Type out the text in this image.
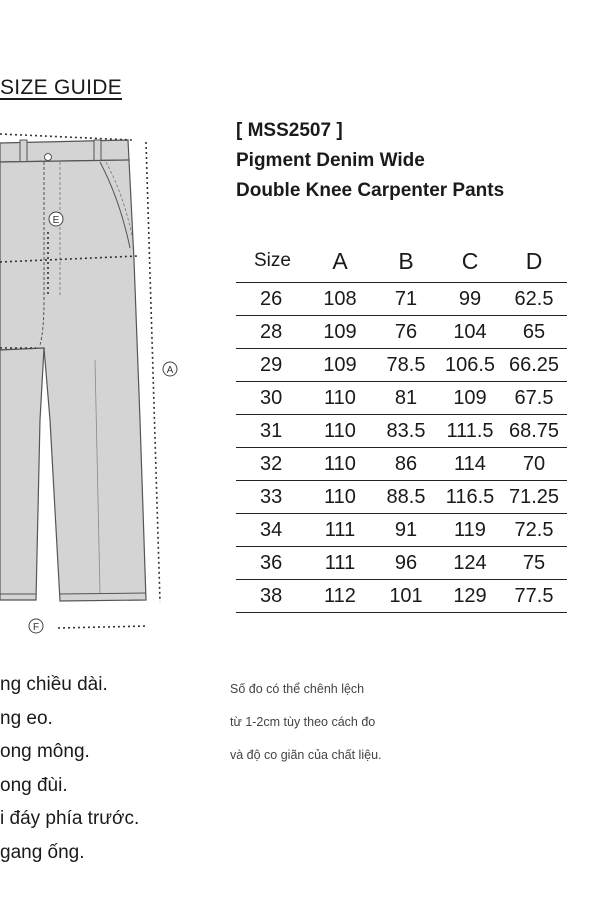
SIZE GUIDE
E
A
F
[ MSS2507 ]
Pigment Denim Wide
Double Knee Carpenter Pants
Size	A	B	C	D
26	108	71	99	62.5
28	109	76	104	65
29	109	78.5	106.5	66.25
30	110	81	109	67.5
31	110	83.5	111.5	68.75
32	110	86	114	70
33	110	88.5	116.5	71.25
34	111	91	119	72.5
36	111	96	124	75
38	112	101	129	77.5
ng chiều dài.
ng eo.
ong mông.
ong đùi.
i đáy phía trước.
gang ống.
Số đo có thể chênh lệch
từ 1-2cm tùy theo cách đo
và độ co giãn của chất liệu.
